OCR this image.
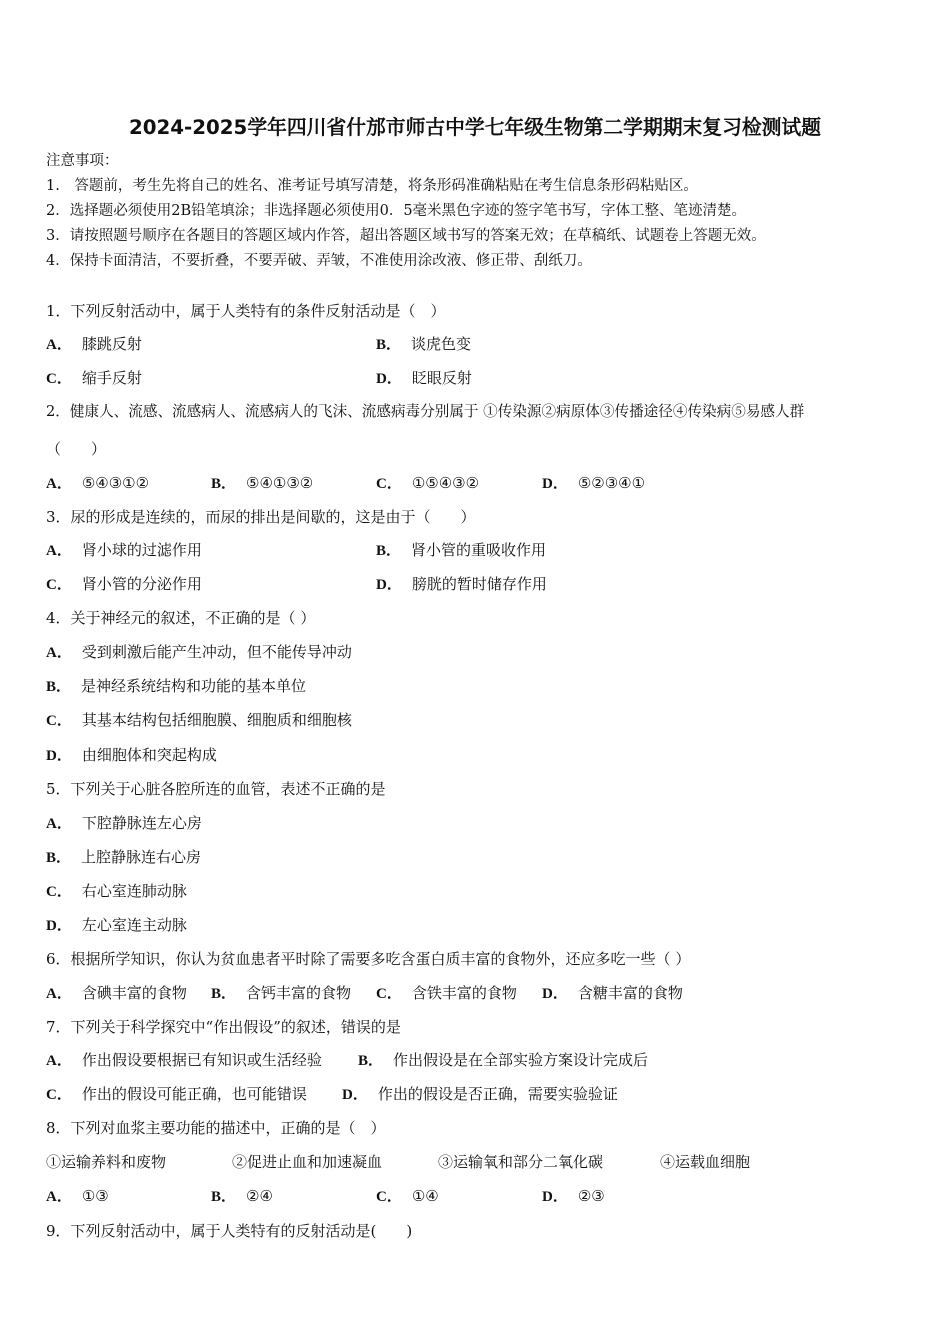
2024-2025学年四川省什邡市师古中学七年级生物第二学期期末复习检测试题
注意事项：
1.　答题前，考生先将自己的姓名、准考证号填写清楚，将条形码准确粘贴在考生信息条形码粘贴区。
2．选择题必须使用2B铅笔填涂；非选择题必须使用0．5毫米黑色字迹的签字笔书写，字体工整、笔迹清楚。
3．请按照题号顺序在各题目的答题区域内作答，超出答题区域书写的答案无效；在草稿纸、试题卷上答题无效。
4．保持卡面清洁，不要折叠，不要弄破、弄皱，不准使用涂改液、修正带、刮纸刀。
1．下列反射活动中，属于人类特有的条件反射活动是（　）
A． 膝跳反射	B． 谈虎色变
C． 缩手反射	D． 眨眼反射
2．健康人、流感、流感病人、流感病人的飞沫、流感病毒分别属于 ①传染源②病原体③传播途径④传染病⑤易感人群
（　　）
A． ⑤④③①②	B． ⑤④①③②	C． ①⑤④③②	D． ⑤②③④①
3．尿的形成是连续的，而尿的排出是间歇的，这是由于（　　）
A． 肾小球的过滤作用	B． 肾小管的重吸收作用
C． 肾小管的分泌作用	D． 膀胱的暂时储存作用
4．关于神经元的叙述，不正确的是（ ）
A． 受到刺激后能产生冲动，但不能传导冲动
B． 是神经系统结构和功能的基本单位
C． 其基本结构包括细胞膜、细胞质和细胞核
D． 由细胞体和突起构成
5．下列关于心脏各腔所连的血管，表述不正确的是
A． 下腔静脉连左心房
B． 上腔静脉连右心房
C． 右心室连肺动脉
D． 左心室连主动脉
6．根据所学知识，你认为贫血患者平时除了需要多吃含蛋白质丰富的食物外，还应多吃一些（ ）
A． 含碘丰富的食物 B． 含钙丰富的食物 C． 含铁丰富的食物 D． 含糖丰富的食物
7．下列关于科学探究中“作出假设”的叙述，错误的是
A． 作出假设要根据已有知识或生活经验 B． 作出假设是在全部实验方案设计完成后
C． 作出的假设可能正确，也可能错误 D． 作出的假设是否正确，需要实验验证
8．下列对血浆主要功能的描述中，正确的是（　）
①运输养料和废物	②促进止血和加速凝血	③运输氧和部分二氧化碳	④运载血细胞
A． ①③	B． ②④	C． ①④	D． ②③
9．下列反射活动中，属于人类特有的反射活动是(　　)
